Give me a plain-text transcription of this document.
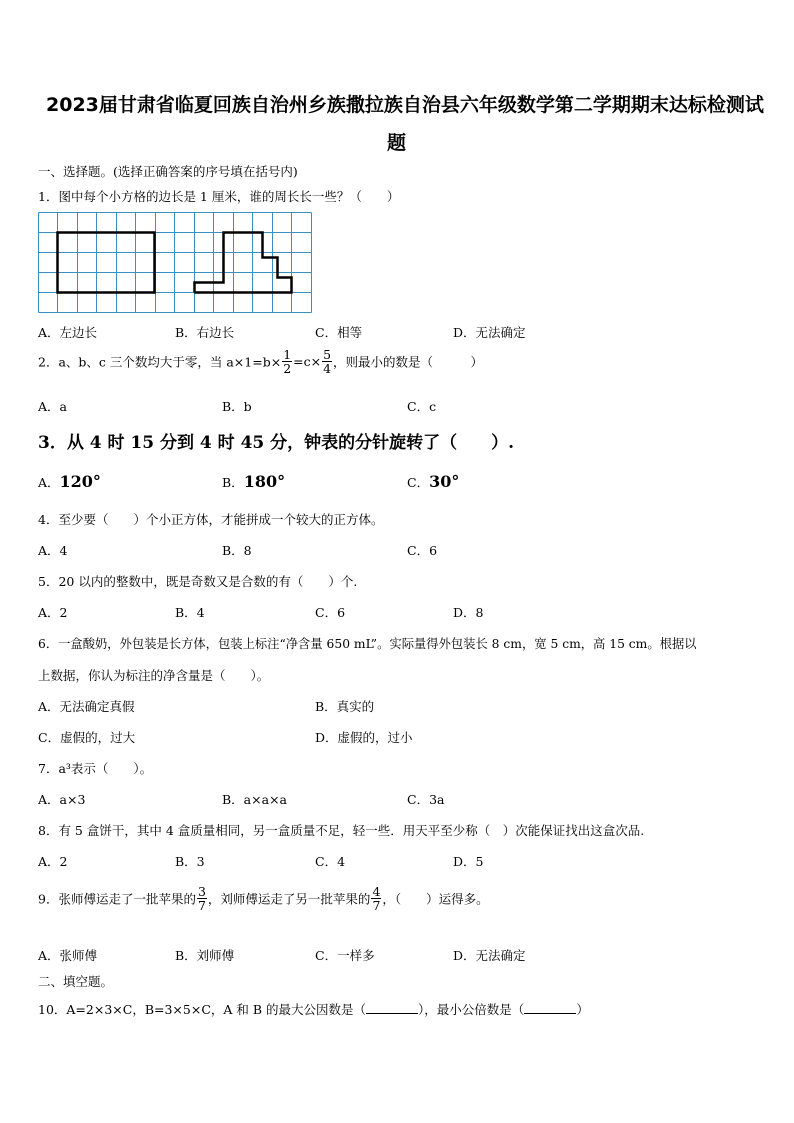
2023届甘肃省临夏回族自治州乡族撒拉族自治县六年级数学第二学期期末达标检测试
题
一、选择题。(选择正确答案的序号填在括号内)
1．图中每个小方格的边长是 1 厘米，谁的周长长一些？（　　）
A．左边长	B．右边长	C．相等	D．无法确定
2．a、b、c 三个数均大于零，当 $a\times 1=b\times \frac{1}{2} =c\times \frac{5}{4}$ ，则最小的数是（　　　）
A．a	B．b	C．c
3．从 4 时 15 分到 4 时 45 分，钟表的分针旋转了（　　）.
A．120°	B．180°	C．30°
4．至少要（　　）个小正方体，才能拼成一个较大的正方体。
A．4	B．8	C．6
5．20 以内的整数中，既是奇数又是合数的有（　　）个.
A．2	B．4	C．6	D．8
6．一盒酸奶，外包装是长方体，包装上标注“净含量 650 mL”。实际量得外包装长 8 cm，宽 5 cm，高 15 cm。根据以
上数据，你认为标注的净含量是（　　）。
A．无法确定真假	B．真实的
C．虚假的，过大	D．虚假的，过小
7．a³表示（　　）。
A．a×3	B．a×a×a	C．3a
8．有 5 盒饼干，其中 4 盒质量相同，另一盒质量不足，轻一些．用天平至少称（　）次能保证找出这盒次品.
A．2	B．3	C．4	D．5
9．张师傅运走了一批苹果的 $\frac{3}{7}$ ，刘师傅运走了另一批苹果的 $\frac{4}{7}$ ，（　　）运得多。
A．张师傅	B．刘师傅	C．一样多	D．无法确定
二、填空题。
10．A=2×3×C，B=3×5×C，A 和 B 的最大公因数是（	），最小公倍数是（	）
